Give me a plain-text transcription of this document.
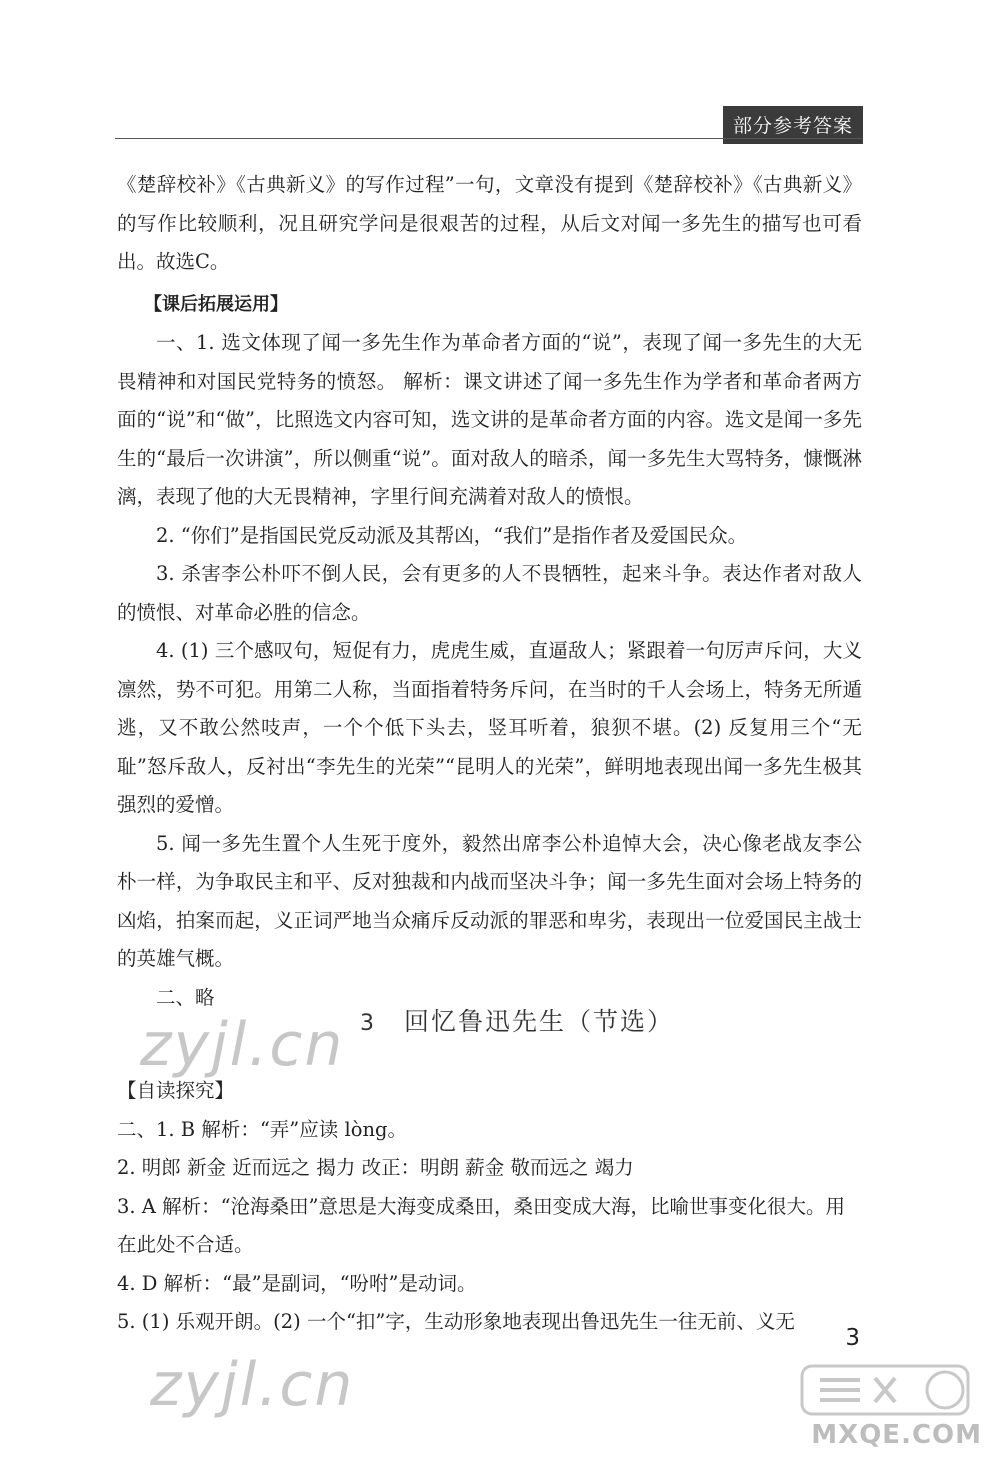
部分参考答案

《楚辞校补》《古典新义》的写作过程”一句，文章没有提到《楚辞校补》《古典新义》的写作比较顺利，况且研究学问是很艰苦的过程，从后文对闻一多先生的描写也可看出。故选C。

【课后拓展运用】

一、1. 选文体现了闻一多先生作为革命者方面的“说”，表现了闻一多先生的大无畏精神和对国民党特务的愤怒。 解析：课文讲述了闻一多先生作为学者和革命者两方面的“说”和“做”，比照选文内容可知，选文讲的是革命者方面的内容。选文是闻一多先生的“最后一次讲演”，所以侧重“说”。面对敌人的暗杀，闻一多先生大骂特务，慷慨淋漓，表现了他的大无畏精神，字里行间充满着对敌人的愤恨。

2. “你们”是指国民党反动派及其帮凶，“我们”是指作者及爱国民众。

3. 杀害李公朴吓不倒人民，会有更多的人不畏牺牲，起来斗争。表达作者对敌人的愤恨、对革命必胜的信念。

4. (1) 三个感叹句，短促有力，虎虎生威，直逼敌人；紧跟着一句厉声斥问，大义凛然，势不可犯。用第二人称，当面指着特务斥问，在当时的千人会场上，特务无所遁逃，又不敢公然吱声，一个个低下头去，竖耳听着，狼狈不堪。(2) 反复用三个“无耻”怒斥敌人，反衬出“李先生的光荣”“昆明人的光荣”，鲜明地表现出闻一多先生极其强烈的爱憎。

5. 闻一多先生置个人生死于度外，毅然出席李公朴追悼大会，决心像老战友李公朴一样，为争取民主和平、反对独裁和内战而坚决斗争；闻一多先生面对会场上特务的凶焰，拍案而起，义正词严地当众痛斥反动派的罪恶和卑劣，表现出一位爱国民主战士的英雄气概。

二、略

zyjl.cn 3 回忆鲁迅先生（节选）

【自读探究】

二、1. B 解析：“弄”应读 lòng。

2. 明郎 新金 近而远之 揭力 改正：明朗 薪金 敬而远之 竭力

3. A 解析：“沧海桑田”意思是大海变成桑田，桑田变成大海，比喻世事变化很大。用在此处不合适。

4. D 解析：“最”是副词，“吩咐”是动词。

5. (1) 乐观开朗。(2) 一个“扣”字，生动形象地表现出鲁迅先生一往无前、义无

3
zyjl.cn
MXQE.COM
